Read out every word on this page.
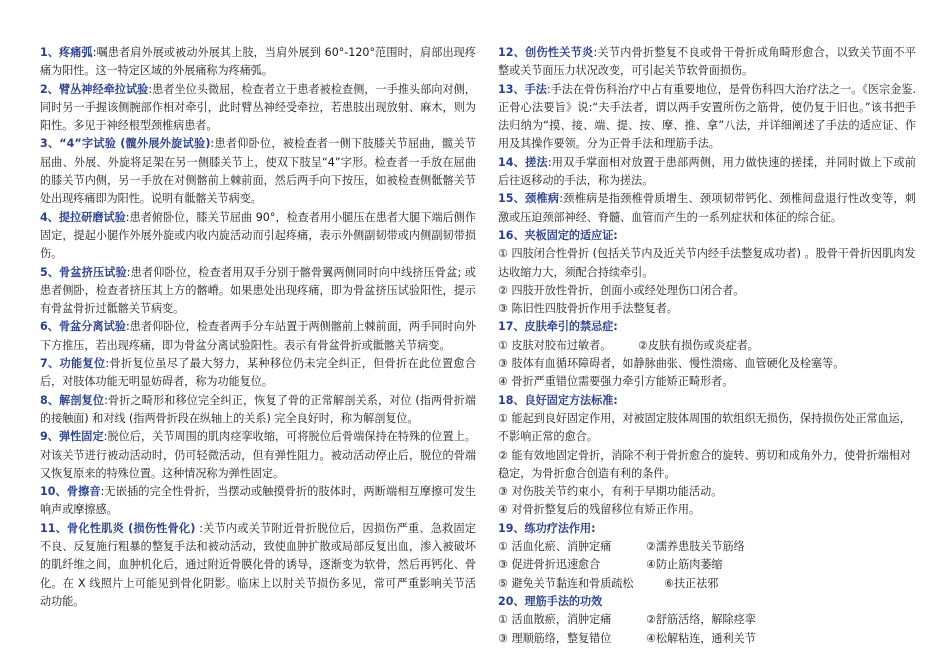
1、疼痛弧:嘱患者肩外展或被动外展其上肢，当肩外展到 60°-120°范围时，肩部出现疼痛为阳性。这一特定区域的外展痛称为疼痛弧。

2、臂丛神经牵拉试验:患者坐位头微屈，检查者立于患者被检查侧，一手推头部向对侧，同时另一手握该侧腕部作相对牵引，此时臂丛神经受牵拉，若患肢出现放射、麻木，则为阳性。多见于神经根型颈椎病患者。

3、“4”字试验 (髋外展外旋试验):患者仰卧位，被检查者一侧下肢膝关节屈曲，髋关节屈曲、外展、外旋将足架在另一侧膝关节上，使双下肢呈“4”字形。检查者一手放在屈曲的膝关节内侧，另一手放在对侧髂前上棘前面，然后两手向下按压，如被检查侧骶髂关节处出现疼痛即为阳性。说明有骶髂关节病变。

4、提拉研磨试验:患者俯卧位，膝关节屈曲 90°，检查者用小腿压在患者大腿下端后侧作固定，提起小腿作外展外旋或内收内旋活动而引起疼痛，表示外侧副韧带或内侧副韧带损伤。

5、骨盆挤压试验:患者仰卧位，检查者用双手分别于髂骨翼两侧同时向中线挤压骨盆; 或患者侧卧，检查者挤压其上方的髂嵴。如果患处出现疼痛，即为骨盆挤压试验阳性，提示有骨盆骨折过骶髂关节病变。

6、骨盆分离试验:患者仰卧位，检查者两手分车站置于两侧髂前上棘前面，两手同时向外下方推压，若出现疼痛，即为骨盆分离试验阳性。表示有骨盆骨折或骶髂关节病变。

7、功能复位:骨折复位虽尽了最大努力，某种移位仍未完全纠正，但骨折在此位置愈合后，对肢体功能无明显妨碍者，称为功能复位。

8、解剖复位:骨折之畸形和移位完全纠正，恢复了骨的正常解剖关系，对位 (指两骨折端的接触面) 和对线 (指两骨折段在纵轴上的关系) 完全良好时，称为解剖复位。

9、弹性固定:脱位后，关节周围的肌肉痉挛收缩，可将脱位后骨端保持在特殊的位置上。对该关节进行被动活动时，仍可轻微活动，但有弹性阻力。被动活动停止后，脱位的骨端又恢复原来的特殊位置。这种情况称为弹性固定。

10、骨擦音:无嵌插的完全性骨折，当摆动或触摸骨折的肢体时，两断端相互摩擦可发生响声或摩擦感。

11、骨化性肌炎 (损伤性骨化) :关节内或关节附近骨折脱位后，因损伤严重、急救固定不良、反复施行粗暴的整复手法和被动活动，致使血肿扩散或局部反复出血，渗入被破坏的肌纤维之间，血肿机化后，通过附近骨膜化骨的诱导，逐渐变为软骨，然后再钙化、骨化。在 X 线照片上可能见到骨化阴影。临床上以肘关节损伤多见，常可严重影响关节活动功能。

12、创伤性关节炎:关节内骨折整复不良或骨干骨折成角畸形愈合，以致关节面不平整或关节面压力状况改变，可引起关节软骨面损伤。

13、手法:手法在骨伤科治疗中占有重要地位，是骨伤科四大治疗法之一。《医宗金鉴.正骨心法要旨》说:“夫手法者，谓以两手安置所伤之筋骨，使仍复于旧也。”该书把手法归纳为“摸、接、端、提、按、摩、推、拿”八法，并详细阐述了手法的适应证、作用及其操作要领。分为正骨手法和理筋手法。

14、搓法:用双手掌面相对放置于患部两侧，用力做快速的搓揉，并同时做上下或前后往返移动的手法，称为搓法。

15、颈椎病:颈椎病是指颈椎骨质增生、颈项韧带钙化、颈椎间盘退行性改变等，刺激或压迫颈部神经、脊髓、血管而产生的一系列症状和体征的综合征。

16、夹板固定的适应证:

① 四肢闭合性骨折 (包括关节内及近关节内经手法整复成功者) 。股骨干骨折因肌肉发达收缩力大，须配合持续牵引。

② 四肢开放性骨折，创面小或经处理伤口闭合者。

③ 陈旧性四肢骨折作用手法整复者。

17、皮肤牵引的禁忌症:

① 皮肤对胶布过敏者。 ②皮肤有损伤或炎症者。

③ 肢体有血循环障碍者，如静脉曲张、慢性溃疡、血管硬化及栓塞等。

④ 骨折严重错位需要强力牵引方能矫正畸形者。

18、良好固定方法标准:

① 能起到良好固定作用，对被固定肢体周围的软组织无损伤，保持损伤处正常血运，不影响正常的愈合。

② 能有效地固定骨折，消除不利于骨折愈合的旋转、剪切和成角外力，使骨折端相对稳定，为骨折愈合创造有利的条件。

③ 对伤肢关节约束小，有利于早期功能活动。

④ 对骨折整复后的残留移位有矫正作用。

19、练功疗法作用:

① 活血化瘀、消肿定痛	②濡养患肢关节筋络

③ 促进骨折迅速愈合	④防止筋肉萎缩

⑤ 避免关节黏连和骨质疏松	⑥扶正祛邪

20、理筋手法的功效

① 活血散瘀，消肿定痛	②舒筋活络，解除痉挛

③ 理顺筋络，整复错位	④松解粘连，通利关节
